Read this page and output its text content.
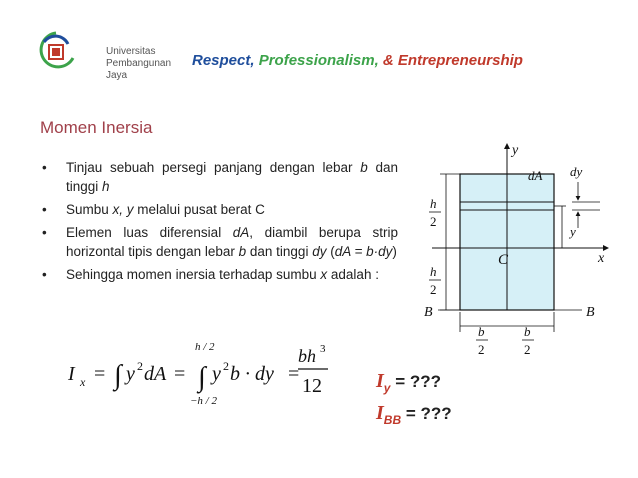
Universitas
Pembangunan Jaya
Respect, Professionalism, & Entrepreneurship
Momen Inersia
• Tinjau sebuah persegi panjang dengan lebar b dan tinggi h
• Sumbu x, y melalui pusat berat C
• Elemen luas diferensial dA, diambil berupa strip horizontal tipis dengan lebar b dan tinggi dy (dA = b·dy)
• Sehingga momen inersia terhadap sumbu x adalah :
I x = ∫ y 2 dA =
h / 2
∫
−h / 2
y 2 b · dy =
bh 3
12	$I_y$ = ???
$I_{BB}$ = ???
y
x
C
dA dy
y
h
2
h
2
B	B
b
2
b
2
